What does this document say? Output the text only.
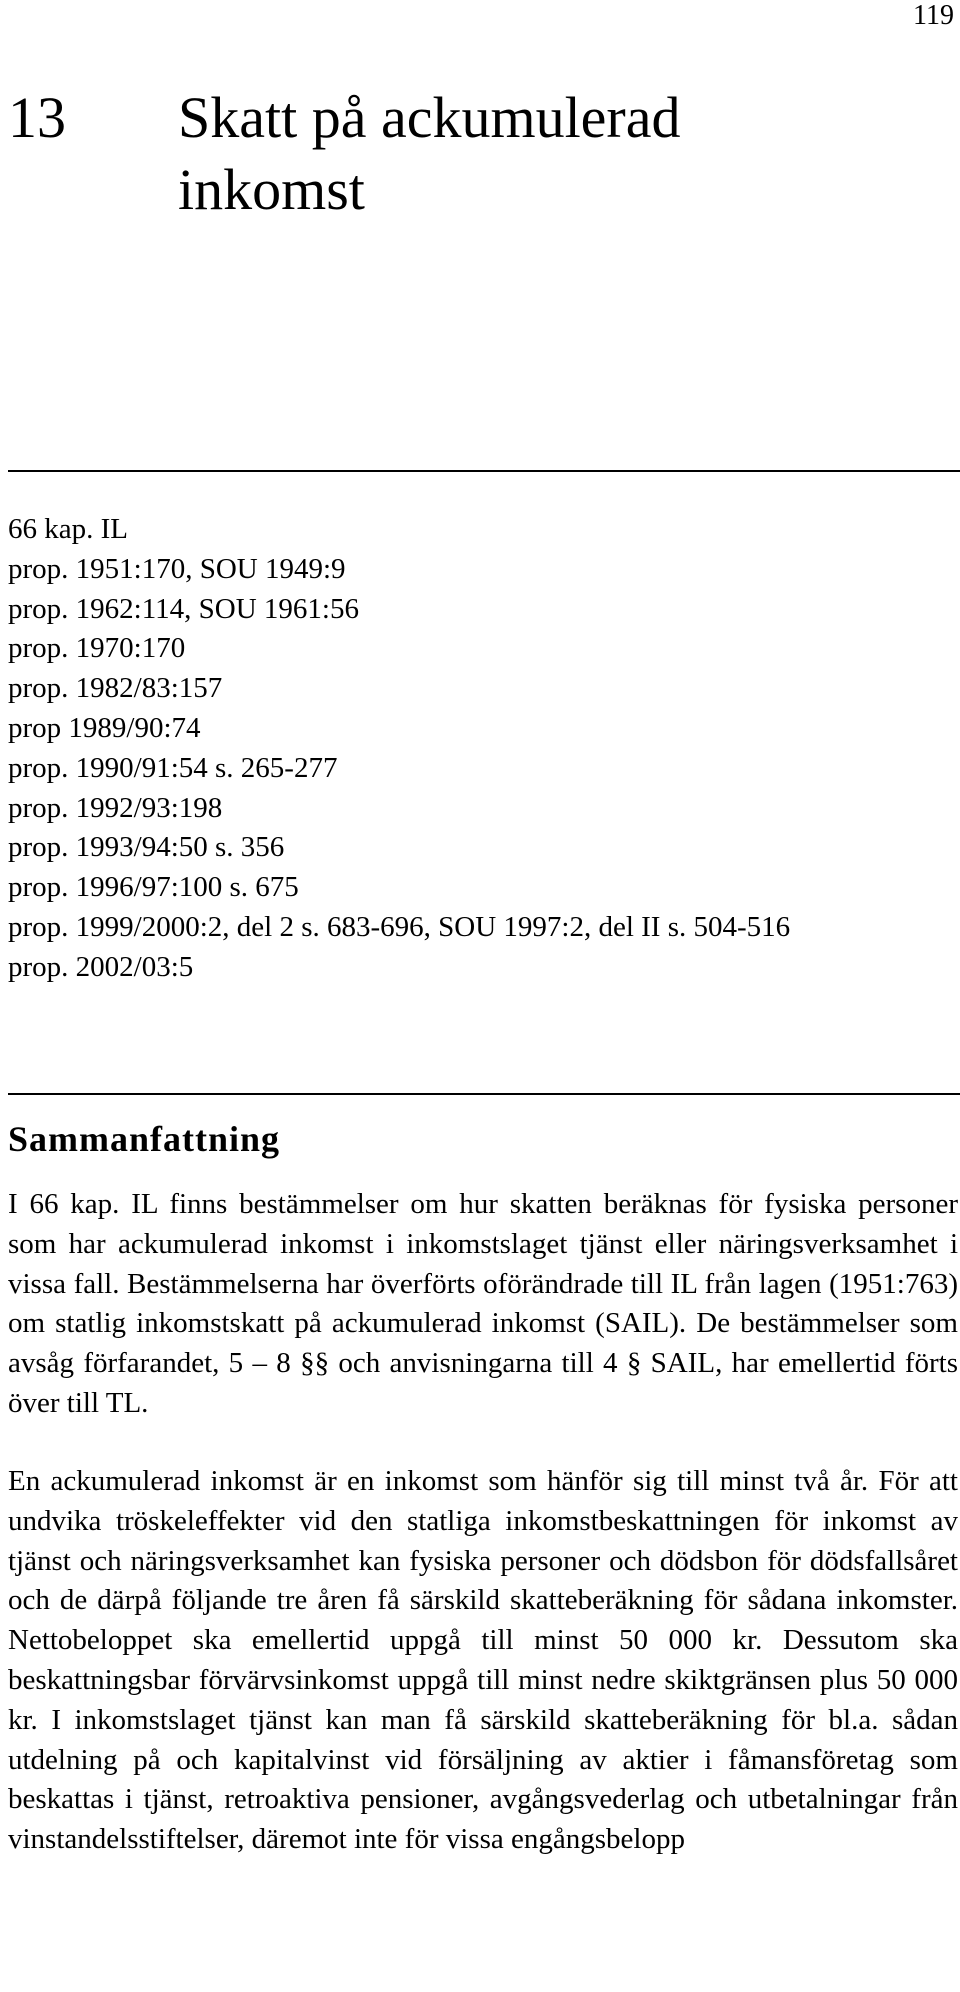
119
13 Skatt på ackumulerad inkomst
66 kap. IL
prop. 1951:170, SOU 1949:9
prop. 1962:114, SOU 1961:56
prop. 1970:170
prop. 1982/83:157
prop 1989/90:74
prop. 1990/91:54 s. 265-277
prop. 1992/93:198
prop. 1993/94:50 s. 356
prop. 1996/97:100 s. 675
prop. 1999/2000:2, del 2 s. 683-696, SOU 1997:2, del II s. 504-516
prop. 2002/03:5
Sammanfattning

I 66 kap. IL finns bestämmelser om hur skatten beräknas för fysiska personer som har ackumulerad inkomst i inkomstslaget tjänst eller näringsverksamhet i vissa fall. Bestämmelserna har överförts oförändrade till IL från lagen (1951:763) om statlig inkomstskatt på ackumulerad inkomst (SAIL). De bestämmelser som avsåg förfarandet, 5 – 8 §§ och anvisningarna till 4 § SAIL, har emellertid förts över till TL.

En ackumulerad inkomst är en inkomst som hänför sig till minst två år. För att undvika tröskeleffekter vid den statliga inkomstbeskattningen för inkomst av tjänst och näringsverksamhet kan fysiska personer och dödsbon för dödsfallsåret och de därpå följande tre åren få särskild skatteberäkning för sådana inkomster. Nettobeloppet ska emellertid uppgå till minst 50 000 kr. Dessutom ska beskattningsbar förvärvsinkomst uppgå till minst nedre skiktgränsen plus 50 000 kr. I inkomstslaget tjänst kan man få särskild skatteberäkning för bl.a. sådan utdelning på och kapitalvinst vid försäljning av aktier i fåmansföretag som beskattas i tjänst, retroaktiva pensioner, avgångsvederlag och utbetalningar från vinstandelsstiftelser, däremot inte för vissa engångsbelopp
